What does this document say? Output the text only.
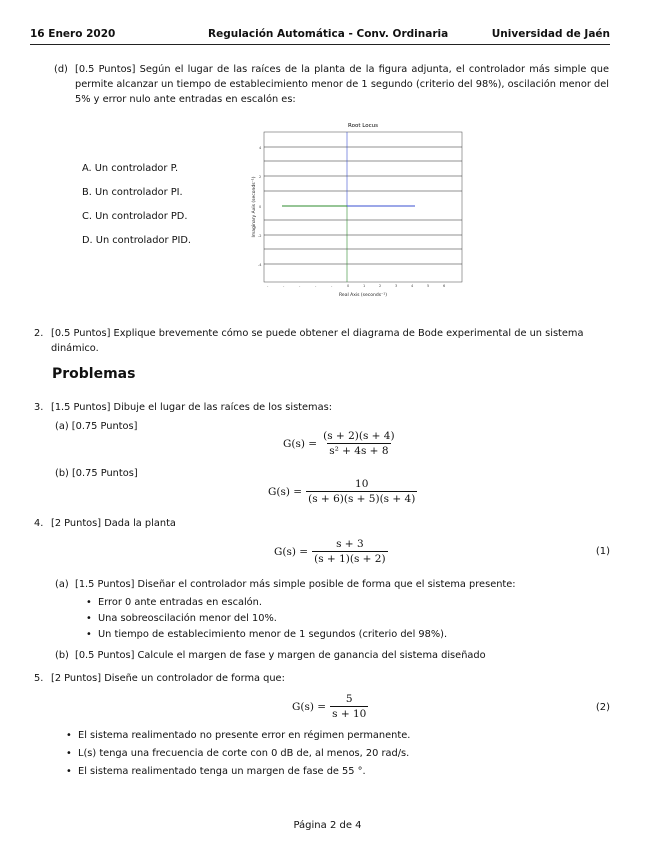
16 Enero 2020	Regulación Automática - Conv. Ordinaria	Universidad de Jaén
(d) [0.5 Puntos] Según el lugar de las raíces de la planta de la figura adjunta, el controlador más simple que permite alcanzar un tiempo de establecimiento menor de 1 segundo (criterio del 98%), oscilación menor del 5% y error nulo ante entradas en escalón es:
A. Un controlador P.
B. Un controlador PI.
C. Un controlador PD.
D. Un controlador PID.
Root Locus
-	-	-	-	-	0	1	2	3	4	5	6
4
2
0
-2
-4
Real Axis (seconds⁻¹)
Imaginary Axis (seconds⁻¹)
2. [0.5 Puntos] Explique brevemente cómo se puede obtener el diagrama de Bode experimental de un sistema dinámico.
Problemas
3. [1.5 Puntos] Dibuje el lugar de las raíces de los sistemas:
(a) [0.75 Puntos]
$G(s) = \frac{(s + 2)(s + 4)}{\text{s² + 4s + 8}}$
(b) [0.75 Puntos]
$G(s) = \frac{10}{(s + 6)(s + 5)(s + 4)}$
4. [2 Puntos] Dada la planta
$G(s) = \frac{s + 3}{(s + 1)(s + 2)}$	(1)
(a) [1.5 Puntos] Diseñar el controlador más simple posible de forma que el sistema presente:
• Error 0 ante entradas en escalón.
• Una sobreoscilación menor del 10%.
• Un tiempo de establecimiento menor de 1 segundos (criterio del 98%).
(b) [0.5 Puntos] Calcule el margen de fase y margen de ganancia del sistema diseñado
5. [2 Puntos] Diseñe un controlador de forma que:
$G(s) = \frac{5}{s + 10}$	(2)
• El sistema realimentado no presente error en régimen permanente.
• L(s) tenga una frecuencia de corte con 0 dB de, al menos, 20 rad/s.
• El sistema realimentado tenga un margen de fase de 55 °.
Página 2 de 4
